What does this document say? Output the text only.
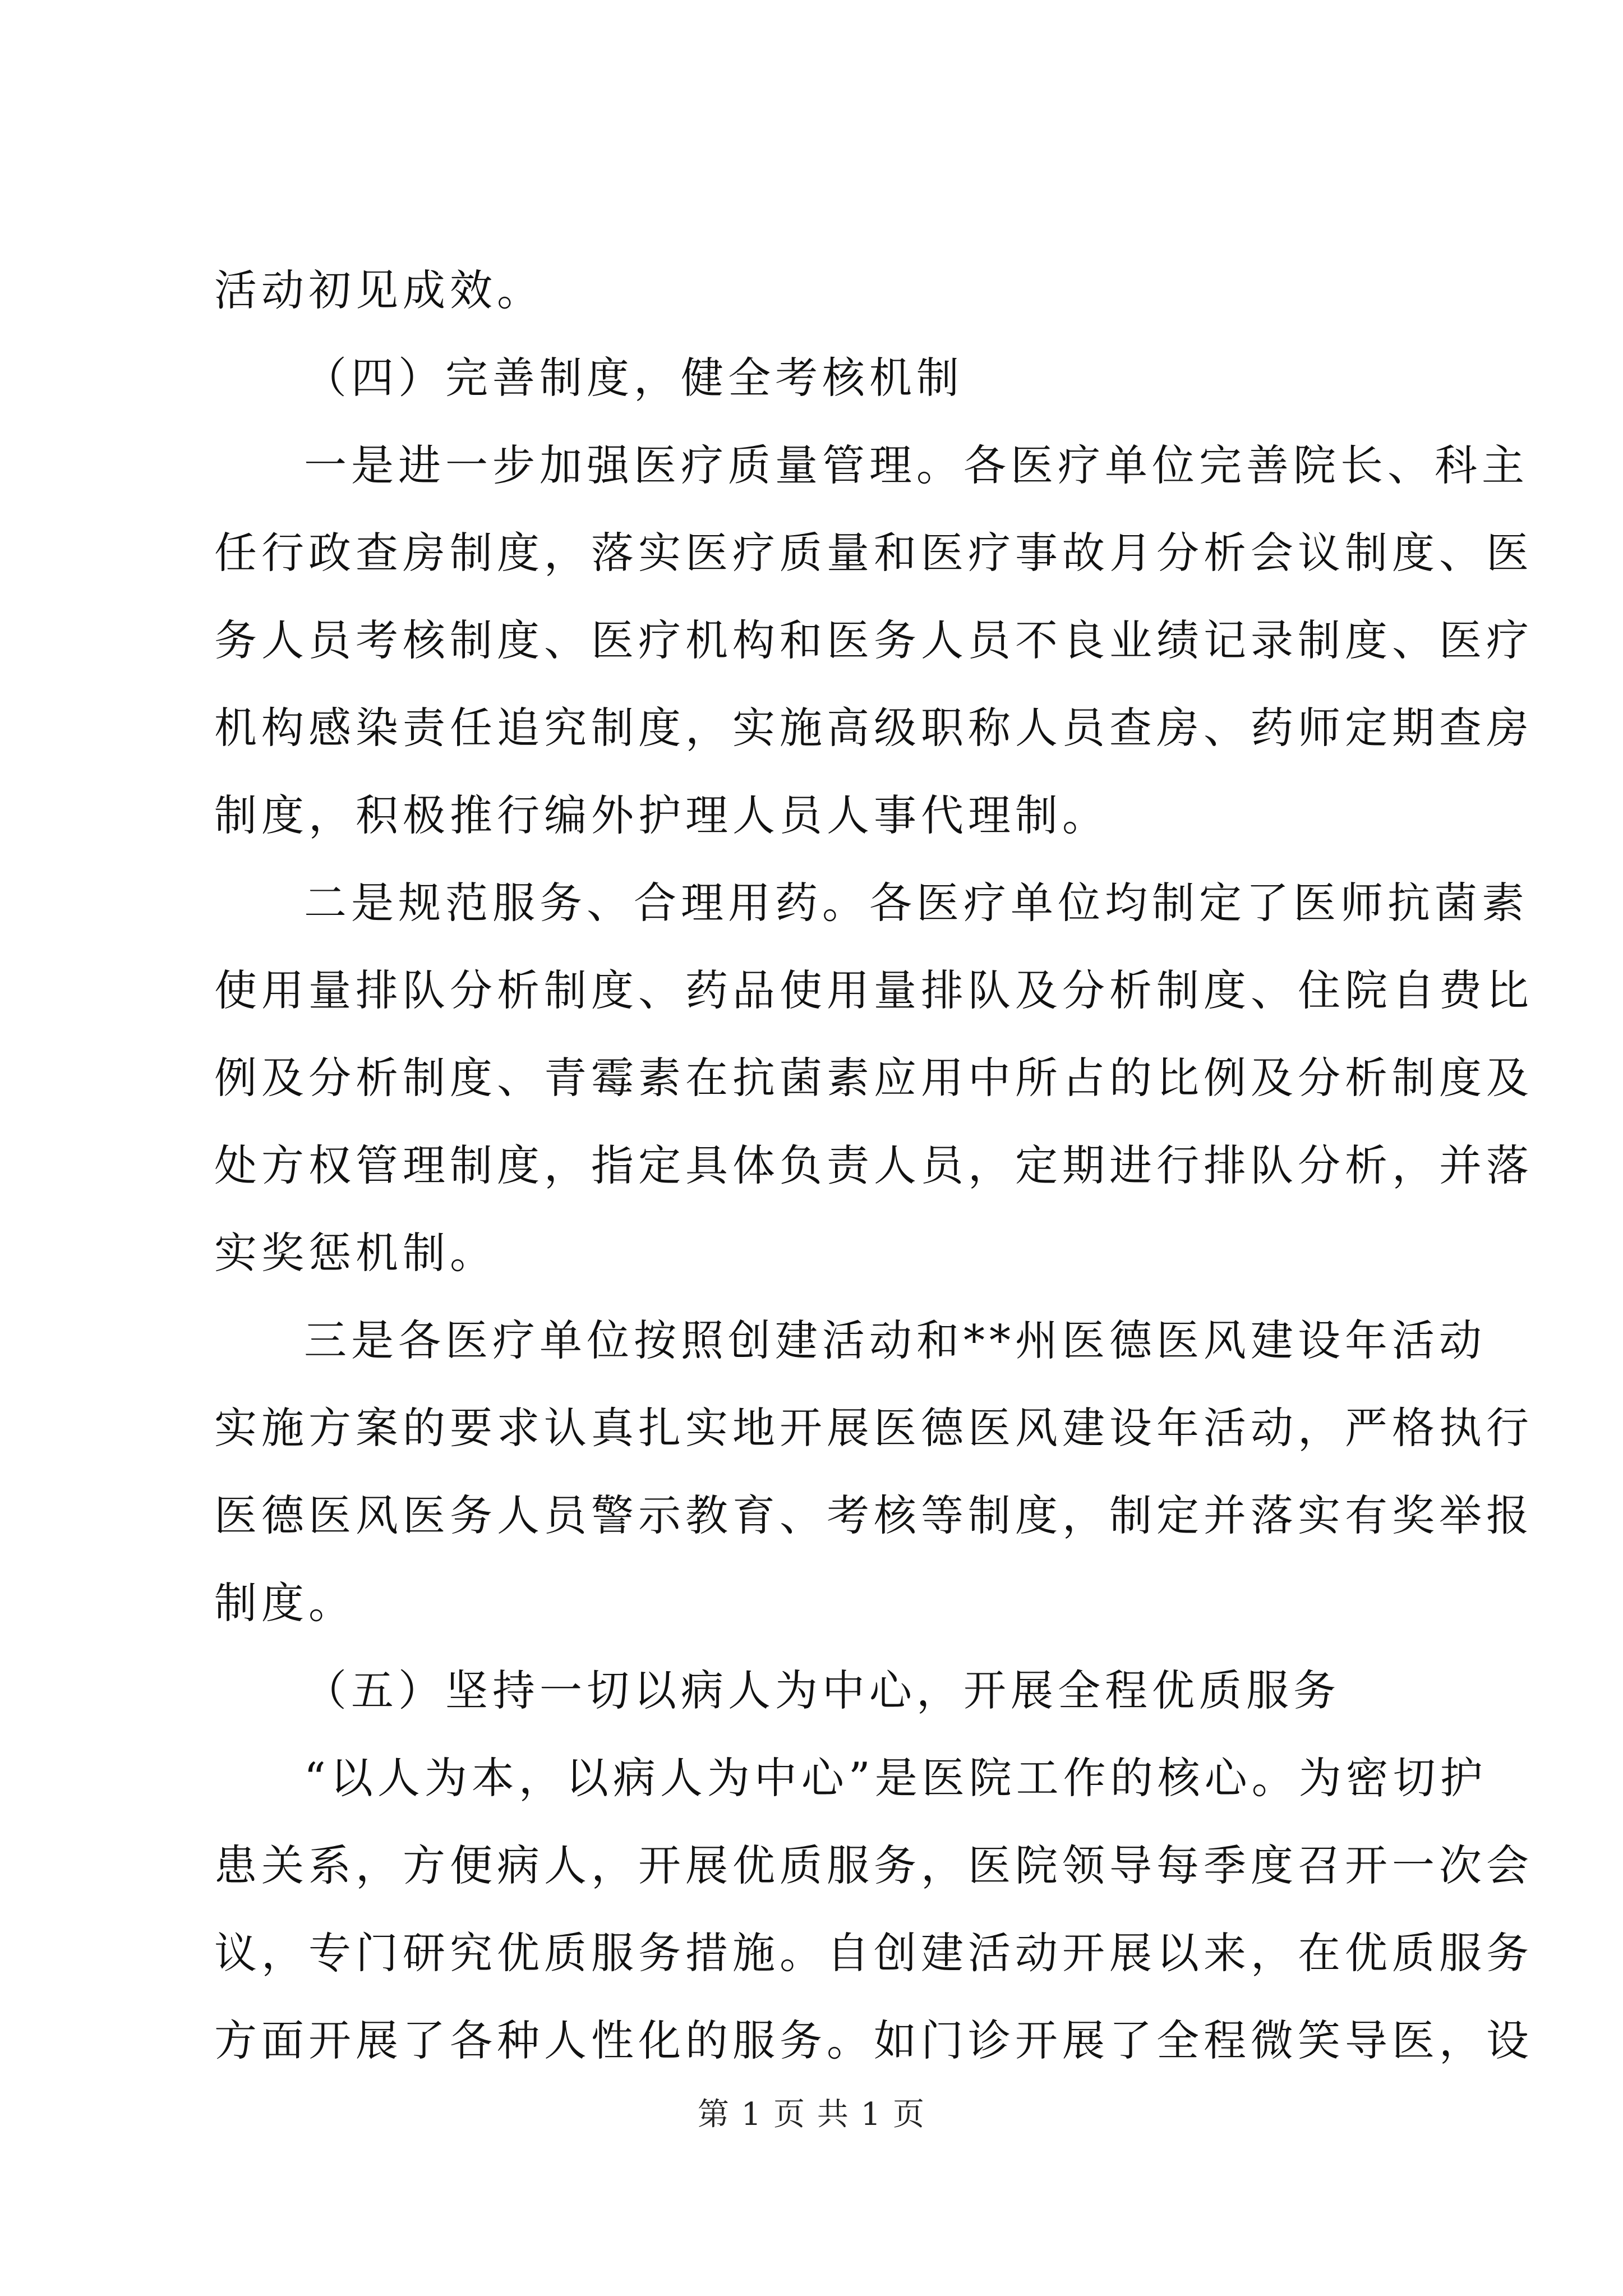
活动初见成效。
（四）完善制度，健全考核机制
一是进一步加强医疗质量管理。各医疗单位完善院长、科主
任行政查房制度，落实医疗质量和医疗事故月分析会议制度、医
务人员考核制度、医疗机构和医务人员不良业绩记录制度、医疗
机构感染责任追究制度，实施高级职称人员查房、药师定期查房
制度，积极推行编外护理人员人事代理制。
二是规范服务、合理用药。各医疗单位均制定了医师抗菌素
使用量排队分析制度、药品使用量排队及分析制度、住院自费比
例及分析制度、青霉素在抗菌素应用中所占的比例及分析制度及
处方权管理制度，指定具体负责人员，定期进行排队分析，并落
实奖惩机制。
三是各医疗单位按照创建活动和**州医德医风建设年活动
实施方案的要求认真扎实地开展医德医风建设年活动，严格执行
医德医风医务人员警示教育、考核等制度，制定并落实有奖举报
制度。
（五）坚持一切以病人为中心，开展全程优质服务
“以人为本，以病人为中心”是医院工作的核心。为密切护
患关系，方便病人，开展优质服务，医院领导每季度召开一次会
议，专门研究优质服务措施。自创建活动开展以来，在优质服务
方面开展了各种人性化的服务。如门诊开展了全程微笑导医，设
第 1 页 共 1 页
